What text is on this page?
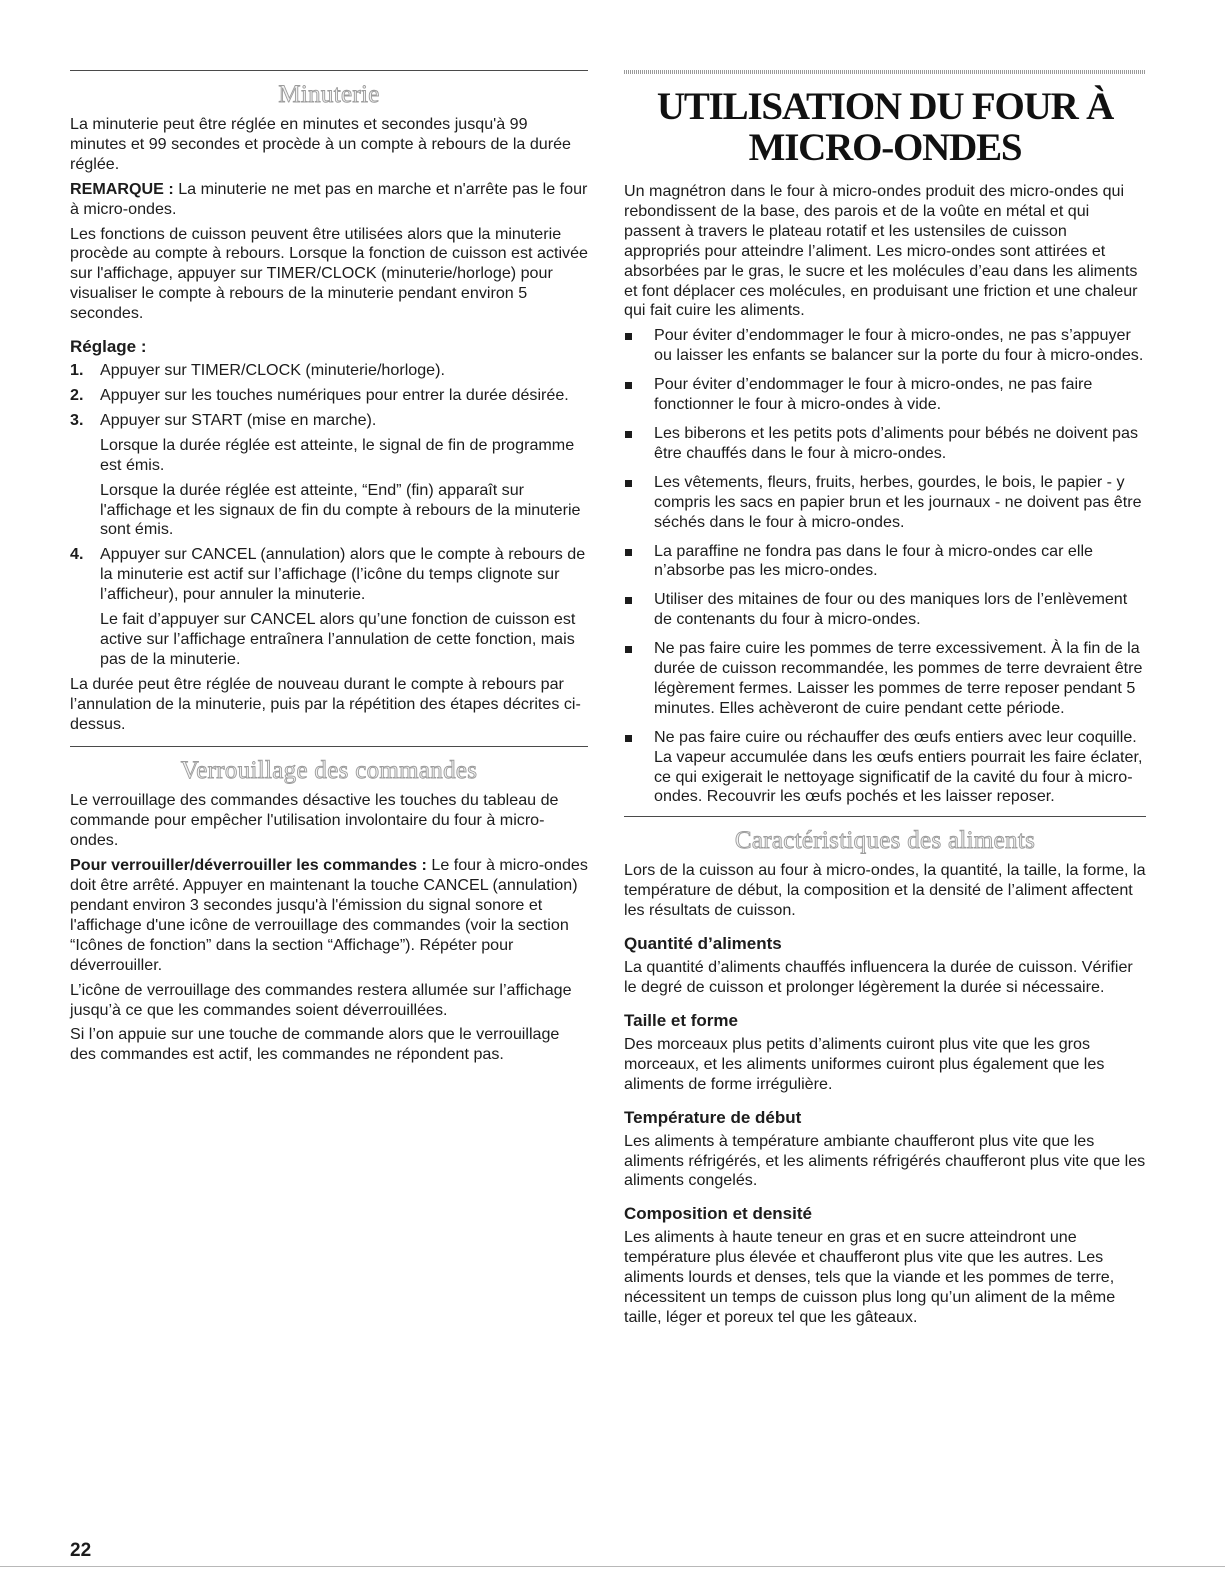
Minuterie

La minuterie peut être réglée en minutes et secondes jusqu'à 99 minutes et 99 secondes et procède à un compte à rebours de la durée réglée.

REMARQUE : La minuterie ne met pas en marche et n'arrête pas le four à micro-ondes.

Les fonctions de cuisson peuvent être utilisées alors que la minuterie procède au compte à rebours. Lorsque la fonction de cuisson est activée sur l'affichage, appuyer sur TIMER/CLOCK (minuterie/horloge) pour visualiser le compte à rebours de la minuterie pendant environ 5 secondes.

Réglage :
1. Appuyer sur TIMER/CLOCK (minuterie/horloge).

2. Appuyer sur les touches numériques pour entrer la durée désirée.

3. Appuyer sur START (mise en marche).

Lorsque la durée réglée est atteinte, le signal de fin de programme est émis.

Lorsque la durée réglée est atteinte, “End” (fin) apparaît sur l'affichage et les signaux de fin du compte à rebours de la minuterie sont émis.

4. Appuyer sur CANCEL (annulation) alors que le compte à rebours de la minuterie est actif sur l’affichage (l’icône du temps clignote sur l’afficheur), pour annuler la minuterie.

Le fait d’appuyer sur CANCEL alors qu’une fonction de cuisson est active sur l’affichage entraînera l’annulation de cette fonction, mais pas de la minuterie.

La durée peut être réglée de nouveau durant le compte à rebours par l’annulation de la minuterie, puis par la répétition des étapes décrites ci-dessus.

Verrouillage des commandes

Le verrouillage des commandes désactive les touches du tableau de commande pour empêcher l'utilisation involontaire du four à micro-ondes.

Pour verrouiller/déverrouiller les commandes : Le four à micro-ondes doit être arrêté. Appuyer en maintenant la touche CANCEL (annulation) pendant environ 3 secondes jusqu'à l'émission du signal sonore et l'affichage d'une icône de verrouillage des commandes (voir la section “Icônes de fonction” dans la section “Affichage”). Répéter pour déverrouiller.

L’icône de verrouillage des commandes restera allumée sur l’affichage jusqu’à ce que les commandes soient déverrouillées.

Si l’on appuie sur une touche de commande alors que le verrouillage des commandes est actif, les commandes ne répondent pas.

UTILISATION DU FOUR À
MICRO-ONDES

Un magnétron dans le four à micro-ondes produit des micro-ondes qui rebondissent de la base, des parois et de la voûte en métal et qui passent à travers le plateau rotatif et les ustensiles de cuisson appropriés pour atteindre l’aliment. Les micro-ondes sont attirées et absorbées par le gras, le sucre et les molécules d’eau dans les aliments et font déplacer ces molécules, en produisant une friction et une chaleur qui fait cuire les aliments.

Pour éviter d’endommager le four à micro-ondes, ne pas s’appuyer ou laisser les enfants se balancer sur la porte du four à micro-ondes.

Pour éviter d’endommager le four à micro-ondes, ne pas faire fonctionner le four à micro-ondes à vide.

Les biberons et les petits pots d’aliments pour bébés ne doivent pas être chauffés dans le four à micro-ondes.

Les vêtements, fleurs, fruits, herbes, gourdes, le bois, le papier - y compris les sacs en papier brun et les journaux - ne doivent pas être séchés dans le four à micro-ondes.

La paraffine ne fondra pas dans le four à micro-ondes car elle n’absorbe pas les micro-ondes.

Utiliser des mitaines de four ou des maniques lors de l’enlèvement de contenants du four à micro-ondes.

Ne pas faire cuire les pommes de terre excessivement. À la fin de la durée de cuisson recommandée, les pommes de terre devraient être légèrement fermes. Laisser les pommes de terre reposer pendant 5 minutes. Elles achèveront de cuire pendant cette période.

Ne pas faire cuire ou réchauffer des œufs entiers avec leur coquille. La vapeur accumulée dans les œufs entiers pourrait les faire éclater, ce qui exigerait le nettoyage significatif de la cavité du four à micro-ondes. Recouvrir les œufs pochés et les laisser reposer.

Caractéristiques des aliments

Lors de la cuisson au four à micro-ondes, la quantité, la taille, la forme, la température de début, la composition et la densité de l’aliment affectent les résultats de cuisson.

Quantité d’aliments

La quantité d’aliments chauffés influencera la durée de cuisson. Vérifier le degré de cuisson et prolonger légèrement la durée si nécessaire.

Taille et forme

Des morceaux plus petits d’aliments cuiront plus vite que les gros morceaux, et les aliments uniformes cuiront plus également que les aliments de forme irrégulière.

Température de début

Les aliments à température ambiante chaufferont plus vite que les aliments réfrigérés, et les aliments réfrigérés chaufferont plus vite que les aliments congelés.

Composition et densité

Les aliments à haute teneur en gras et en sucre atteindront une température plus élevée et chaufferont plus vite que les autres. Les aliments lourds et denses, tels que la viande et les pommes de terre, nécessitent un temps de cuisson plus long qu’un aliment de la même taille, léger et poreux tel que les gâteaux.

22
